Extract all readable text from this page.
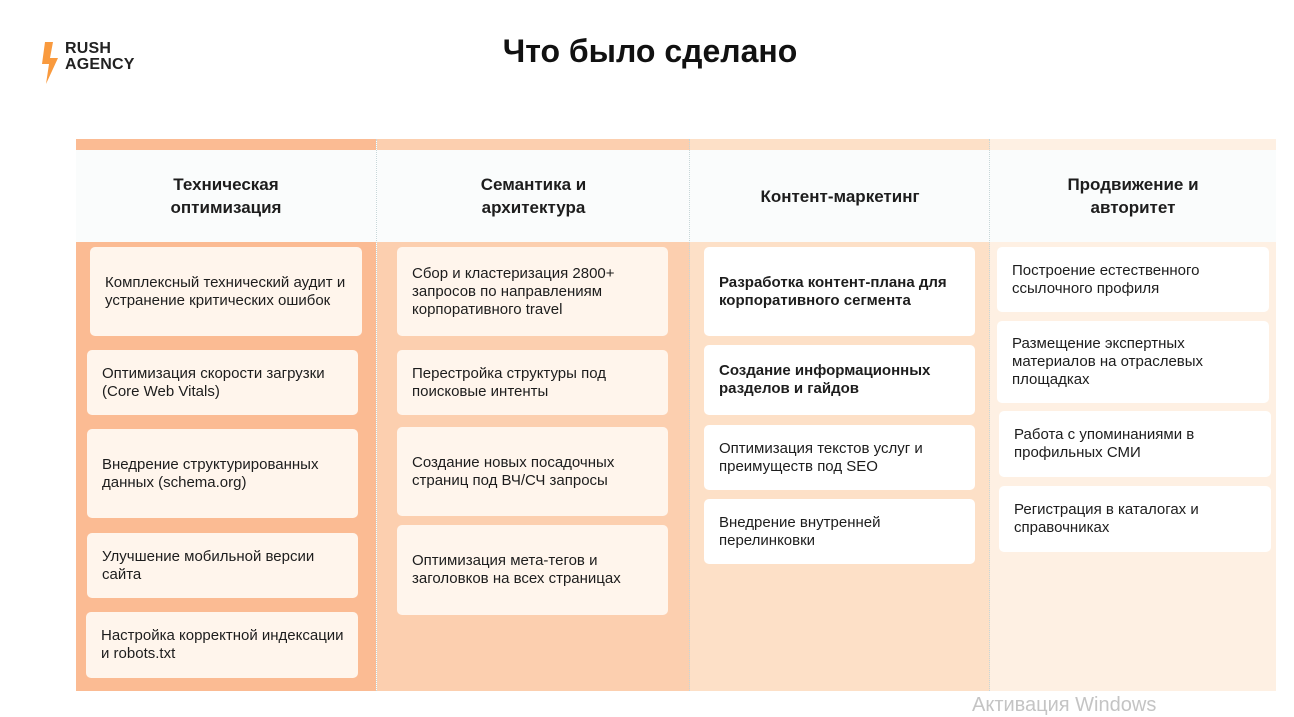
RUSH
AGENCY	Что было сделано
Техническая
оптимизация
Комплексный технический аудит и устранение критических ошибок
Оптимизация скорости загрузки (Core Web Vitals)
Внедрение структурированных данных (schema.org)
Улучшение мобильной версии сайта
Настройка корректной индексации и robots.txt
Семантика и
архитектура
Сбор и кластеризация 2800+ запросов по направлениям корпоративного travel
Перестройка структуры под поисковые интенты
Создание новых посадочных страниц под ВЧ/СЧ запросы
Оптимизация мета-тегов и заголовков на всех страницах
Контент-маркетинг
Разработка контент-плана для корпоративного сегмента
Создание информационных разделов и гайдов
Оптимизация текстов услуг и преимуществ под SEO
Внедрение внутренней перелинковки
Продвижение и
авторитет
Построение естественного ссылочного профиля
Размещение экспертных материалов на отраслевых площадках
Работа с упоминаниями в профильных СМИ
Регистрация в каталогах и справочниках
Активация Windows
